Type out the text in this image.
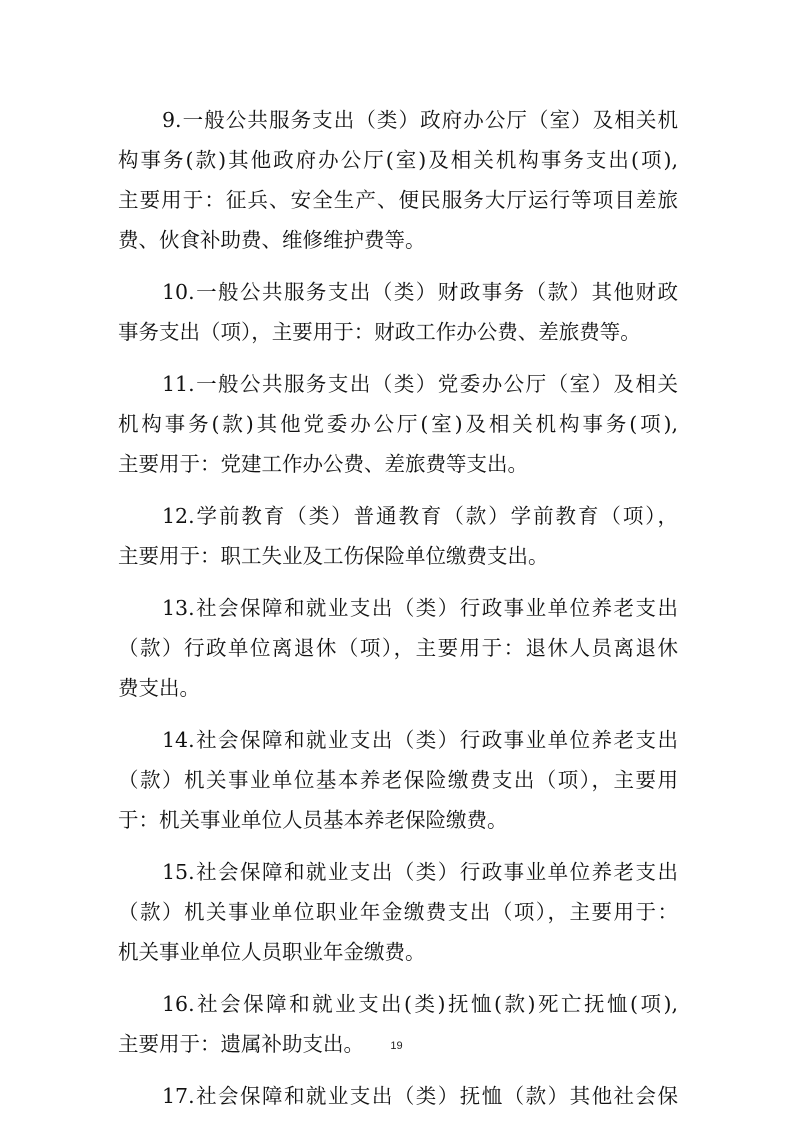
9.一般公共服务支出（类）政府办公厅（室）及相关机
构事务(款)其他政府办公厅(室)及相关机构事务支出(项),
主要用于：征兵、安全生产、便民服务大厅运行等项目差旅
费、伙食补助费、维修维护费等。
10.一般公共服务支出（类）财政事务（款）其他财政
事务支出（项），主要用于：财政工作办公费、差旅费等。
11.一般公共服务支出（类）党委办公厅（室）及相关
机构事务(款)其他党委办公厅(室)及相关机构事务(项),
主要用于：党建工作办公费、差旅费等支出。
12.学前教育（类）普通教育（款）学前教育（项），
主要用于：职工失业及工伤保险单位缴费支出。
13.社会保障和就业支出（类）行政事业单位养老支出
（款）行政单位离退休（项），主要用于：退休人员离退休
费支出。
14.社会保障和就业支出（类）行政事业单位养老支出
（款）机关事业单位基本养老保险缴费支出（项），主要用
于：机关事业单位人员基本养老保险缴费。
15.社会保障和就业支出（类）行政事业单位养老支出
（款）机关事业单位职业年金缴费支出（项），主要用于：
机关事业单位人员职业年金缴费。
16.社会保障和就业支出(类)抚恤(款)死亡抚恤(项),
主要用于：遗属补助支出。
17.社会保障和就业支出（类）抚恤（款）其他社会保
19
